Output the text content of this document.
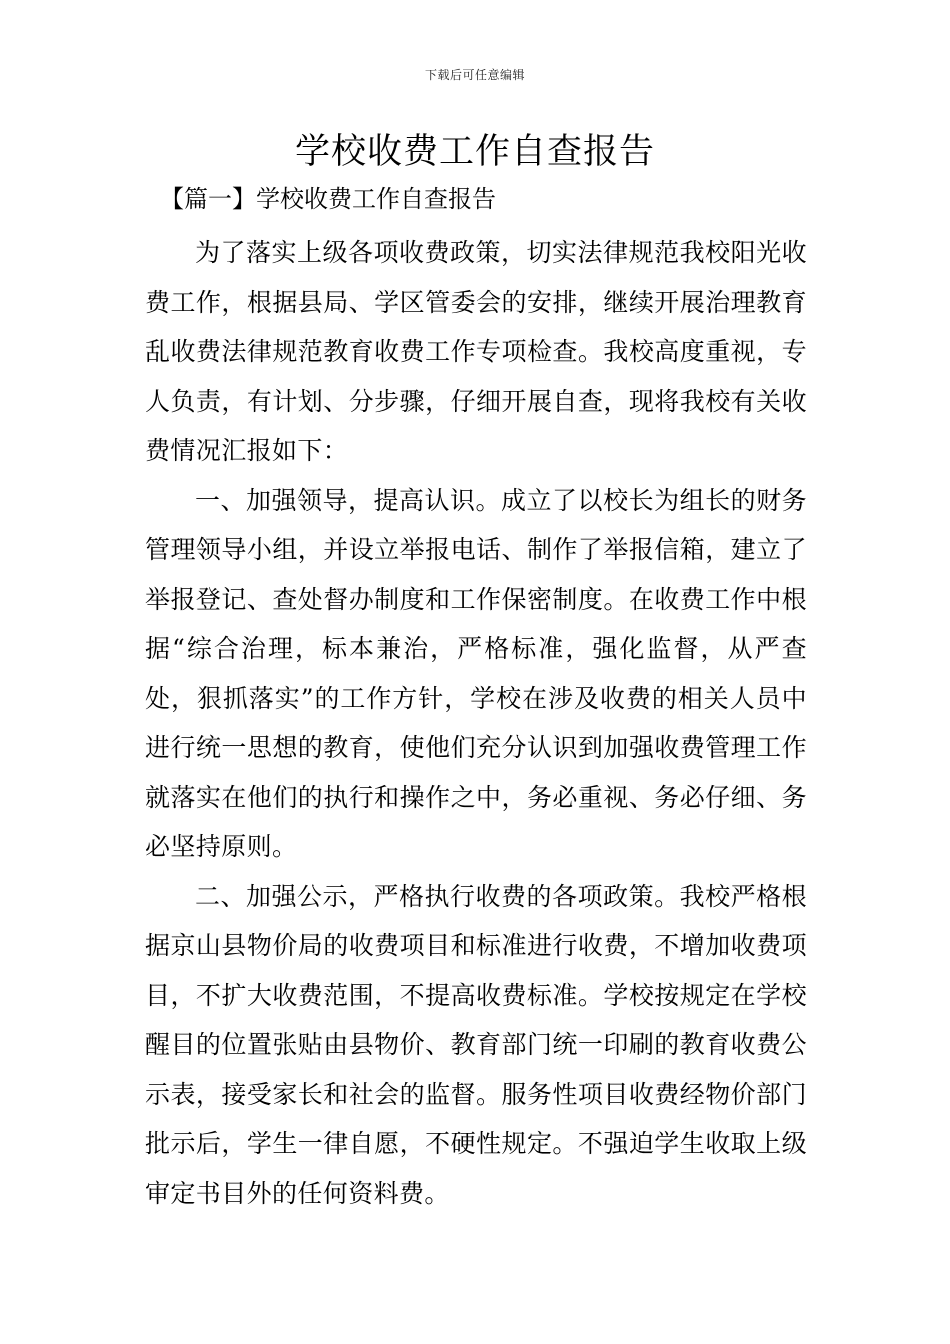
下载后可任意编辑
学校收费工作自查报告
【篇一】学校收费工作自查报告

为了落实上级各项收费政策，切实法律规范我校阳光收费工作，根据县局、学区管委会的安排，继续开展治理教育乱收费法律规范教育收费工作专项检查。我校高度重视，专人负责，有计划、分步骤，仔细开展自查，现将我校有关收费情况汇报如下：

一、加强领导，提高认识。成立了以校长为组长的财务管理领导小组，并设立举报电话、制作了举报信箱，建立了举报登记、查处督办制度和工作保密制度。在收费工作中根据“综合治理，标本兼治，严格标准，强化监督，从严查处，狠抓落实”的工作方针，学校在涉及收费的相关人员中进行统一思想的教育，使他们充分认识到加强收费管理工作就落实在他们的执行和操作之中，务必重视、务必仔细、务必坚持原则。

二、加强公示，严格执行收费的各项政策。我校严格根据京山县物价局的收费项目和标准进行收费，不增加收费项目，不扩大收费范围，不提高收费标准。学校按规定在学校醒目的位置张贴由县物价、教育部门统一印刷的教育收费公示表，接受家长和社会的监督。服务性项目收费经物价部门批示后，学生一律自愿，不硬性规定。不强迫学生收取上级审定书目外的任何资料费。
